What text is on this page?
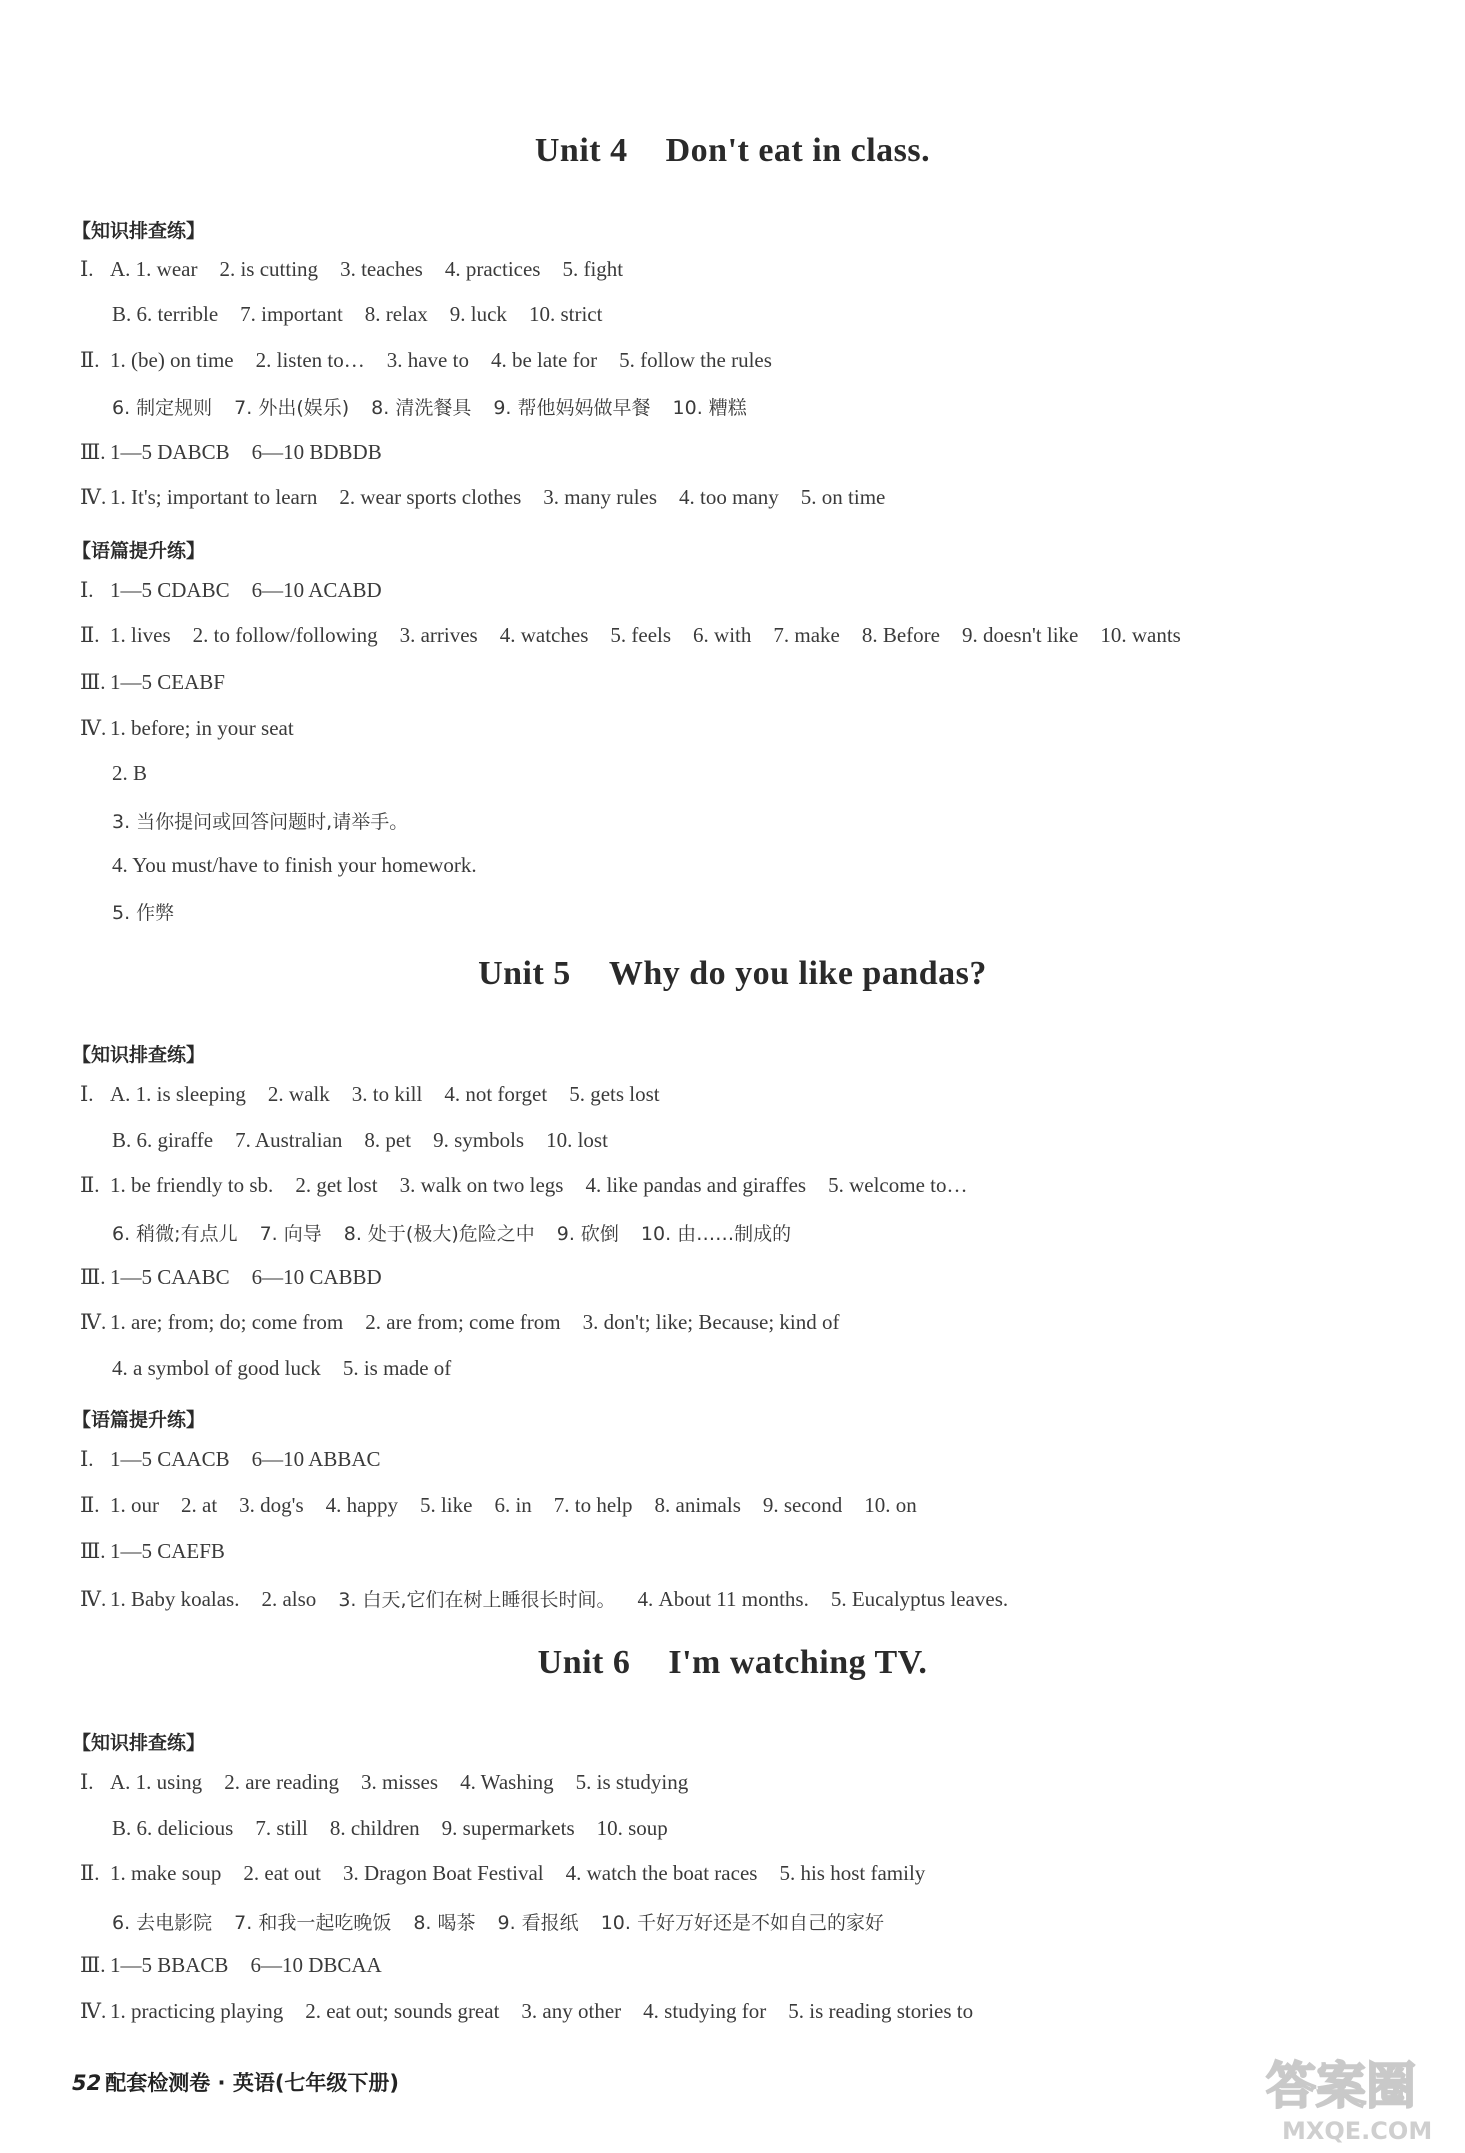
Unit 4 Don't eat in class.
【知识排查练】
Ⅰ. A. 1. wear 2. is cutting 3. teaches 4. practices 5. fight
B. 6. terrible 7. important 8. relax 9. luck 10. strict
Ⅱ. 1. (be) on time 2. listen to… 3. have to 4. be late for 5. follow the rules
6. 制定规则 7. 外出(娱乐) 8. 清洗餐具 9. 帮他妈妈做早餐 10. 糟糕
Ⅲ. 1—5 DABCB 6—10 BDBDB
Ⅳ. 1. It's; important to learn 2. wear sports clothes 3. many rules 4. too many 5. on time
【语篇提升练】
Ⅰ. 1—5 CDABC 6—10 ACABD
Ⅱ. 1. lives 2. to follow/following 3. arrives 4. watches 5. feels 6. with 7. make 8. Before 9. doesn't like 10. wants
Ⅲ. 1—5 CEABF
Ⅳ. 1. before; in your seat
2. B
3. 当你提问或回答问题时,请举手。
4. You must/have to finish your homework.
5. 作弊
Unit 5 Why do you like pandas?
【知识排查练】
Ⅰ. A. 1. is sleeping 2. walk 3. to kill 4. not forget 5. gets lost
B. 6. giraffe 7. Australian 8. pet 9. symbols 10. lost
Ⅱ. 1. be friendly to sb. 2. get lost 3. walk on two legs 4. like pandas and giraffes 5. welcome to…
6. 稍微;有点儿 7. 向导 8. 处于(极大)危险之中 9. 砍倒 10. 由……制成的
Ⅲ. 1—5 CAABC 6—10 CABBD
Ⅳ. 1. are; from; do; come from 2. are from; come from 3. don't; like; Because; kind of
4. a symbol of good luck 5. is made of
【语篇提升练】
Ⅰ. 1—5 CAACB 6—10 ABBAC
Ⅱ. 1. our 2. at 3. dog's 4. happy 5. like 6. in 7. to help 8. animals 9. second 10. on
Ⅲ. 1—5 CAEFB
Ⅳ. 1. Baby koalas. 2. also 3. 白天,它们在树上睡很长时间。 4. About 11 months. 5. Eucalyptus leaves.
Unit 6 I'm watching TV.
【知识排查练】
Ⅰ. A. 1. using 2. are reading 3. misses 4. Washing 5. is studying
B. 6. delicious 7. still 8. children 9. supermarkets 10. soup
Ⅱ. 1. make soup 2. eat out 3. Dragon Boat Festival 4. watch the boat races 5. his host family
6. 去电影院 7. 和我一起吃晚饭 8. 喝茶 9. 看报纸 10. 千好万好还是不如自己的家好
Ⅲ. 1—5 BBACB 6—10 DBCAA
Ⅳ. 1. practicing playing 2. eat out; sounds great 3. any other 4. studying for 5. is reading stories to
52 配套检测卷 · 英语(七年级下册)	答案圈
MXQE.COM
